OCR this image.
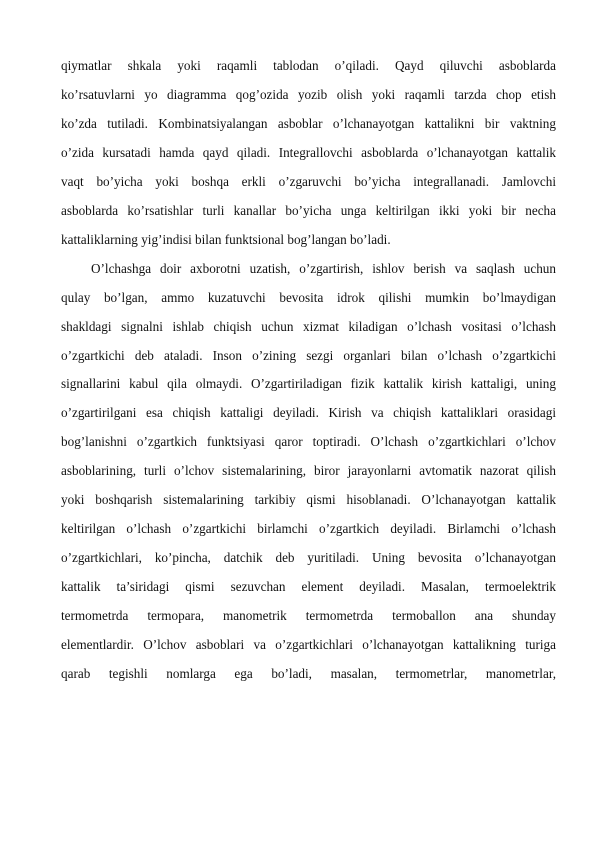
qiymatlar shkala yoki raqamli tablodan o’qiladi. Qayd qiluvchi asboblarda
ko’rsatuvlarni yo diagramma qog’ozida yozib olish yoki raqamli tarzda chop etish
ko’zda tutiladi. Kombinatsiyalangan asboblar o’lchanayotgan kattalikni bir vaktning
o’zida kursatadi hamda qayd qiladi. Integrallovchi asboblarda o’lchanayotgan kattalik
vaqt bo’yicha yoki boshqa erkli o’zgaruvchi bo’yicha integrallanadi. Jamlovchi
asboblarda ko’rsatishlar turli kanallar bo’yicha unga keltirilgan ikki yoki bir necha
kattaliklarning yig’indisi bilan funktsional bog’langan bo’ladi.

O’lchashga doir axborotni uzatish, o’zgartirish, ishlov berish va saqlash uchun
qulay bo’lgan, ammo kuzatuvchi bevosita idrok qilishi mumkin bo’lmaydigan
shakldagi signalni ishlab chiqish uchun xizmat kiladigan o’lchash vositasi o’lchash
o’zgartkichi deb ataladi. Inson o’zining sezgi organlari bilan o’lchash o’zgartkichi
signallarini kabul qila olmaydi. O’zgartiriladigan fizik kattalik kirish kattaligi, uning
o’zgartirilgani esa chiqish kattaligi deyiladi. Kirish va chiqish kattaliklari orasidagi
bog’lanishni o’zgartkich funktsiyasi qaror toptiradi. O’lchash o’zgartkichlari o’lchov
asboblarining, turli o’lchov sistemalarining, biror jarayonlarni avtomatik nazorat qilish
yoki boshqarish sistemalarining tarkibiy qismi hisoblanadi. O’lchanayotgan kattalik
keltirilgan o’lchash o’zgartkichi birlamchi o’zgartkich deyiladi. Birlamchi o’lchash
o’zgartkichlari, ko’pincha, datchik deb yuritiladi. Uning bevosita o’lchanayotgan
kattalik ta’siridagi qismi sezuvchan element deyiladi. Masalan, termoelektrik
termometrda termopara, manometrik termometrda termoballon ana shunday
elementlardir. O’lchov asboblari va o’zgartkichlari o’lchanayotgan kattalikning turiga
qarab tegishli nomlarga ega bo’ladi, masalan, termometrlar, manometrlar,
